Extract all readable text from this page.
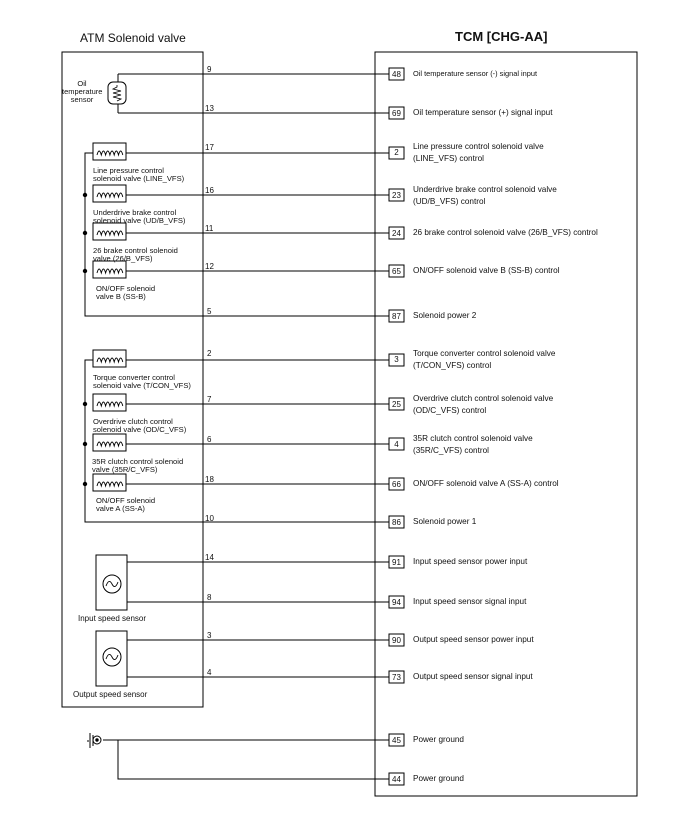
ATM Solenoid valve	TCM [CHG-AA]
Oil
temperature
sensor
Line pressure control
solenoid valve (LINE_VFS)
Underdrive brake control
solenoid valve (UD/B_VFS)
26 brake control solenoid
valve (26/B_VFS)
ON/OFF solenoid
valve B (SS-B)
Torque converter control
solenoid valve (T/CON_VFS)
Overdrive clutch control
solenoid valve (OD/C_VFS)
35R clutch control solenoid
valve (35R/C_VFS)
ON/OFF solenoid
valve A (SS-A)
Input speed sensor
Output speed sensor
9
13
17
16
11
12
5
2
7
6
18
10
14
8
3
4
48
69
2
23
24
65
87
3
25
4
66
86
91
94
90
73
45
44
Oil temperature sensor (-) signal input
Oil temperature sensor (+) signal input
Line pressure control solenoid valve
(LINE_VFS) control
Underdrive brake control solenoid valve
(UD/B_VFS) control
26 brake control solenoid valve (26/B_VFS) control
ON/OFF solenoid valve B (SS-B) control
Solenoid power 2
Torque converter control solenoid valve
(T/CON_VFS) control
Overdrive clutch control solenoid valve
(OD/C_VFS) control
35R clutch control solenoid valve
(35R/C_VFS) control
ON/OFF solenoid valve A (SS-A) control
Solenoid power 1
Input speed sensor power input
Input speed sensor signal input
Output speed sensor power input
Output speed sensor signal input
Power ground
Power ground
